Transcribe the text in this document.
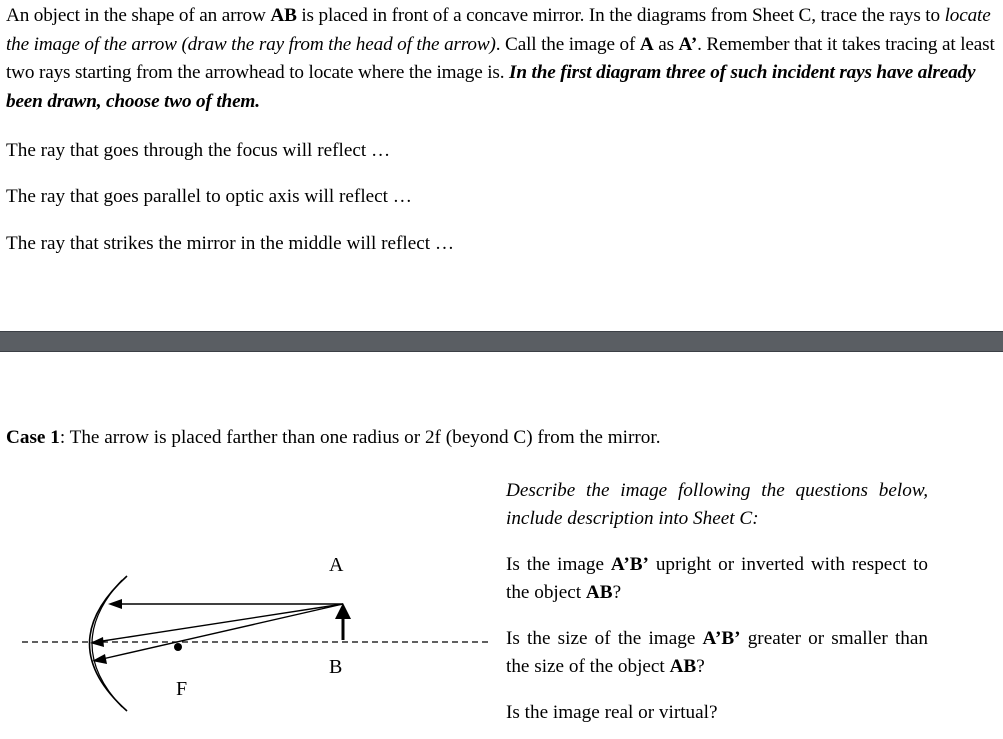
An object in the shape of an arrow AB is placed in front of a concave mirror. In the diagrams from Sheet C, trace the rays to locate the image of the arrow (draw the ray from the head of the arrow). Call the image of A as A’. Remember that it takes tracing at least two rays starting from the arrowhead to locate where the image is. In the first diagram three of such incident rays have already been drawn, choose two of them.
The ray that goes through the focus will reflect …
The ray that goes parallel to optic axis will reflect …
The ray that strikes the mirror in the middle will reflect …
Case 1: The arrow is placed farther than one radius or 2f (beyond C) from the mirror.

Describe the image following the questions below, include description into Sheet C:

Is the image A’B’ upright or inverted with respect to the object AB?

Is the size of the image A’B’ greater or smaller than the size of the object AB?

Is the image real or virtual?

A
B
F
